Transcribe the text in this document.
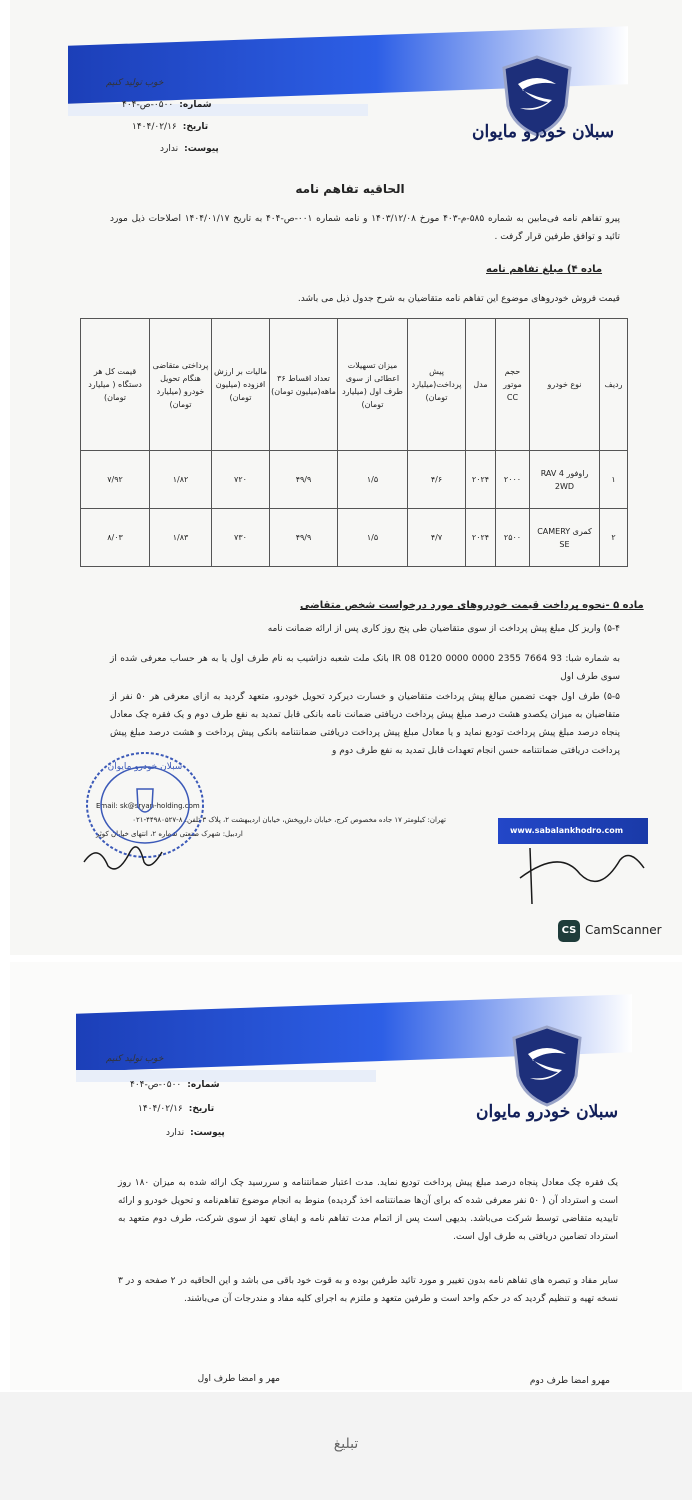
سبلان خودرو مایوان
خوب تولید کنیم
شماره:۰۵۰۰-ص-۴۰۴
تاریخ:۱۴۰۴/۰۲/۱۶
پیوست:ندارد
الحاقیه تفاهم نامه
پیرو تفاهم نامه فی‌مابین به شماره ۵۸۵-م-۴۰۳ مورخ ۱۴۰۳/۱۲/۰۸ و نامه شماره ۰۰۱-ص-۴۰۴ به تاریخ ۱۴۰۴/۰۱/۱۷ اصلاحات ذیل مورد تائید و توافق طرفین قرار گرفت .
ماده ۴) مبلغ تفاهم نامه
قیمت فروش خودروهای موضوع این تفاهم نامه متقاضیان به شرح جدول ذیل می باشد.
ردیف	نوع خودرو	حجم موتور CC	مدل	پیش پرداخت(میلیارد تومان)	میزان تسهیلات اعطائی از سوی طرف اول (میلیارد تومان)	تعداد اقساط ۳۶ ماهه(میلیون تومان)	مالیات بر ارزش افزوده (میلیون تومان)	پرداختی متقاضی هنگام تحویل خودرو (میلیارد تومان)	قیمت کل هر دستگاه ( میلیارد تومان)
۱	راوفور RAV 4 2WD	۲۰۰۰	۲۰۲۴	۴/۶	۱/۵	۴۹/۹	۷۲۰	۱/۸۲	۷/۹۲
۲	کمری CAMERY SE	۲۵۰۰	۲۰۲۴	۴/۷	۱/۵	۴۹/۹	۷۳۰	۱/۸۳	۸/۰۳
ماده ۵ -نحوه پرداخت قیمت خودروهای مورد درخواست شخص متقاضی
۵-۴) واریز کل مبلغ پیش پرداخت از سوی متقاضیان طی پنج روز کاری پس از ارائه ضمانت نامه
به شماره شبا: IR 08 0120 0000 0000 2355 7664 93 بانک ملت شعبه دزاشیب به نام طرف اول یا به هر حساب معرفی شده از سوی طرف اول
۵-۵) طرف اول جهت تضمین مبالغ پیش پرداخت متقاضیان و خسارت دیرکرد تحویل خودرو، متعهد گردید به ازای معرفی هر ۵۰ نفر از متقاضیان به میزان یکصدو هشت درصد مبلغ پیش پرداخت دریافتی ضمانت نامه بانکی قابل تمدید به نفع طرف دوم و یک فقره چک معادل پنجاه درصد مبلغ پیش پرداخت تودیع نماید و یا معادل مبلغ پیش پرداخت دریافتی ضمانتنامه بانکی پیش پرداخت و هشت درصد مبلغ پیش پرداخت دریافتی ضمانتنامه حسن انجام تعهدات قابل تمدید به نفع طرف دوم و
www.sabalankhodro.com
Email: sk@sryan-holding.com
تهران: کیلومتر ۱۷ جاده مخصوص کرج، خیابان داروپخش، خیابان اردیبهشت ۲، پلاک ۳ تلفن: ۸-۴۴۹۸۰۵۲۷-۰۲۱
اردبیل: شهرک صنعتی شماره ۲، انتهای خیابان کوثر
سبلان خودرو مایوان
CS CamScanner
سبلان خودرو مایوان
خوب تولید کنیم
شماره:۰۵۰۰-ص-۴۰۴
تاریخ:۱۴۰۴/۰۲/۱۶
پیوست:ندارد
یک فقره چک معادل پنجاه درصد مبلغ پیش پرداخت تودیع نماید. مدت اعتبار ضمانتنامه و سررسید چک ارائه شده به میزان ۱۸۰ روز است و استرداد آن ( ۵۰ نفر معرفی شده که برای آن‌ها ضمانتنامه اخذ گردیده) منوط به انجام موضوع تفاهم‌نامه و تحویل خودرو و ارائه تاییدیه متقاضی توسط شرکت می‌باشد. بدیهی است پس از اتمام مدت تفاهم نامه و ایفای تعهد از سوی شرکت، طرف دوم متعهد به استرداد تضامین دریافتی به طرف اول است.
سایر مفاد و تبصره های تفاهم نامه بدون تغییر و مورد تائید طرفین بوده و به قوت خود باقی می باشد و این الحاقیه در ۲ صفحه و در ۳ نسخه تهیه و تنظیم گردید که در حکم واحد است و طرفین متعهد و ملتزم به اجرای کلیه مفاد و مندرجات آن می‌باشند.
مهرو امضا طرف دوم
مهر و امضا طرف اول
تبلیغ
